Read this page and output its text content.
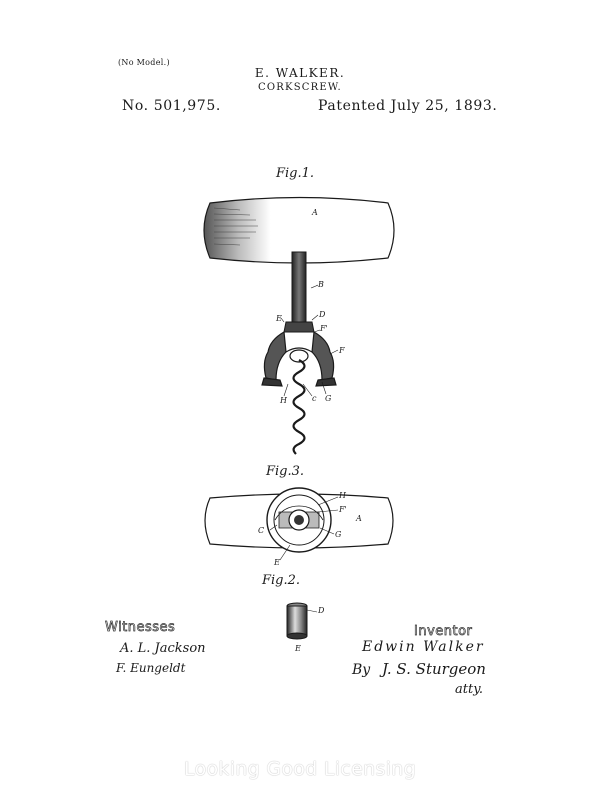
(No Model.)
E. WALKER.
CORKSCREW.
No. 501,975.	Patented July 25, 1893.
Fig.1.
Fig.3.
Fig.2.
A
B
D
E
F'
F
H	c G
H
F'
A
G
C
E
D
E
Witnesses
A. L. Jackson
F. Eungeldt
Inventor
Edwin Walker
By J. S. Sturgeon
atty.
Looking Good Licensing
